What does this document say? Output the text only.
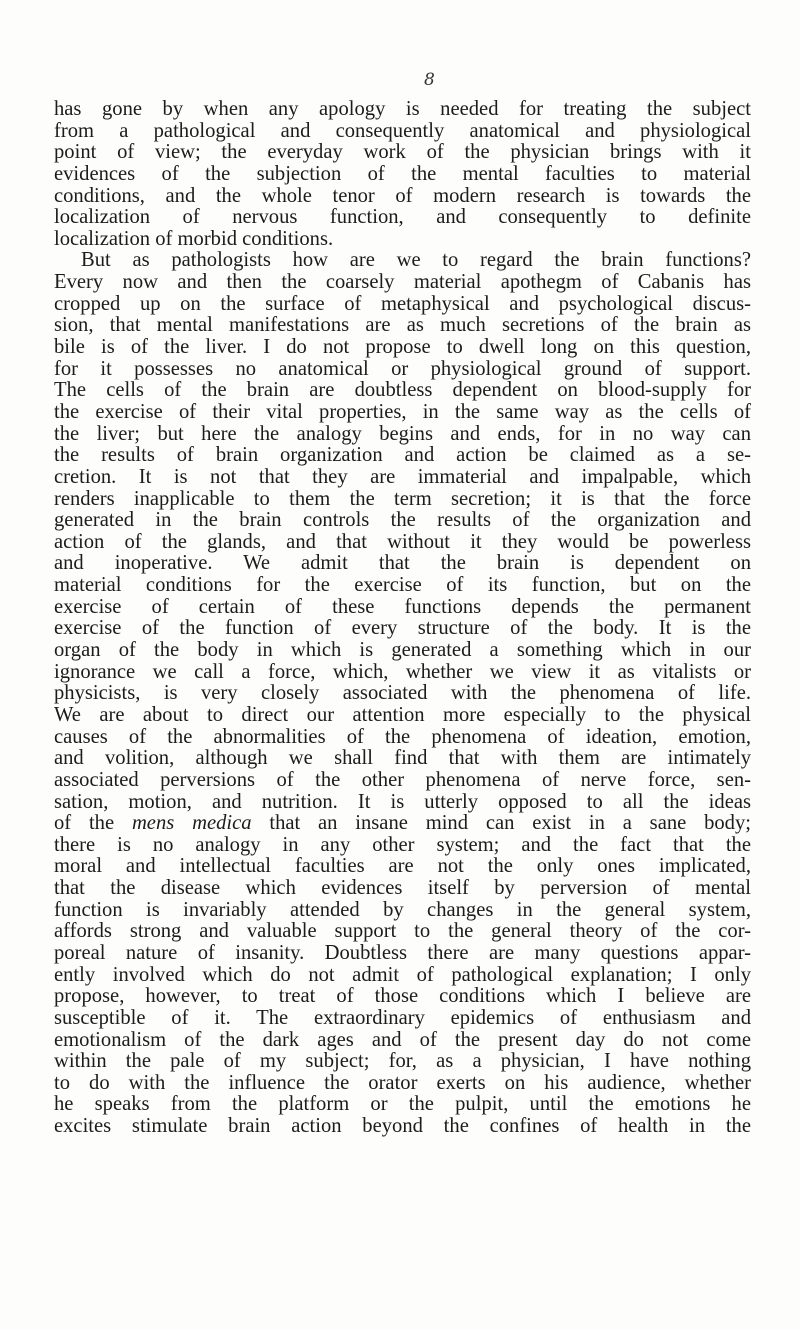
8
has gone by when any apology is needed for treating the subject
from a pathological and consequently anatomical and physiological
point of view; the everyday work of the physician brings with it
evidences of the subjection of the mental faculties to material
conditions, and the whole tenor of modern research is towards the
localization of nervous function, and consequently to definite
localization of morbid conditions.
But as pathologists how are we to regard the brain functions?
Every now and then the coarsely material apothegm of Cabanis has
cropped up on the surface of metaphysical and psychological discus-
sion, that mental manifestations are as much secretions of the brain as
bile is of the liver. I do not propose to dwell long on this question,
for it possesses no anatomical or physiological ground of support.
The cells of the brain are doubtless dependent on blood-supply for
the exercise of their vital properties, in the same way as the cells of
the liver; but here the analogy begins and ends, for in no way can
the results of brain organization and action be claimed as a se-
cretion. It is not that they are immaterial and impalpable, which
renders inapplicable to them the term secretion; it is that the force
generated in the brain controls the results of the organization and
action of the glands, and that without it they would be powerless
and inoperative. We admit that the brain is dependent on
material conditions for the exercise of its function, but on the
exercise of certain of these functions depends the permanent
exercise of the function of every structure of the body. It is the
organ of the body in which is generated a something which in our
ignorance we call a force, which, whether we view it as vitalists or
physicists, is very closely associated with the phenomena of life.
We are about to direct our attention more especially to the physical
causes of the abnormalities of the phenomena of ideation, emotion,
and volition, although we shall find that with them are intimately
associated perversions of the other phenomena of nerve force, sen-
sation, motion, and nutrition. It is utterly opposed to all the ideas
of the mens medica that an insane mind can exist in a sane body;
there is no analogy in any other system; and the fact that the
moral and intellectual faculties are not the only ones implicated,
that the disease which evidences itself by perversion of mental
function is invariably attended by changes in the general system,
affords strong and valuable support to the general theory of the cor-
poreal nature of insanity. Doubtless there are many questions appar-
ently involved which do not admit of pathological explanation; I only
propose, however, to treat of those conditions which I believe are
susceptible of it. The extraordinary epidemics of enthusiasm and
emotionalism of the dark ages and of the present day do not come
within the pale of my subject; for, as a physician, I have nothing
to do with the influence the orator exerts on his audience, whether
he speaks from the platform or the pulpit, until the emotions he
excites stimulate brain action beyond the confines of health in the
